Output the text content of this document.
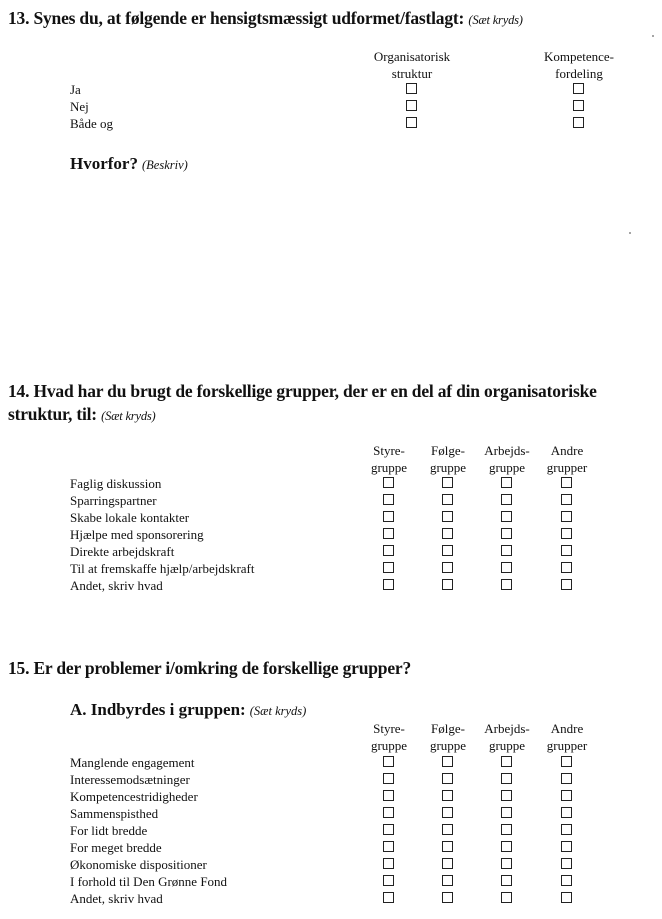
13. Synes du, at følgende er hensigtsmæssigt udformet/fastlagt: (Sæt kryds)
Organisatorisk
struktur
Kompetence-
fordeling
Ja
Nej
Både og
Hvorfor? (Beskriv)
14. Hvad har du brugt de forskellige grupper, der er en del af din organisatoriske
struktur, til: (Sæt kryds)
Styre-
gruppe
Følge-
gruppe
Arbejds-
gruppe
Andre
grupper
Faglig diskussion
Sparringspartner
Skabe lokale kontakter
Hjælpe med sponsorering
Direkte arbejdskraft
Til at fremskaffe hjælp/arbejdskraft
Andet, skriv hvad
15. Er der problemer i/omkring de forskellige grupper?
A. Indbyrdes i gruppen: (Sæt kryds)
Styre-
gruppe
Følge-
gruppe
Arbejds-
gruppe
Andre
grupper
Manglende engagement
Interessemodsætninger
Kompetencestridigheder
Sammenspisthed
For lidt bredde
For meget bredde
Økonomiske dispositioner
I forhold til Den Grønne Fond
Andet, skriv hvad
